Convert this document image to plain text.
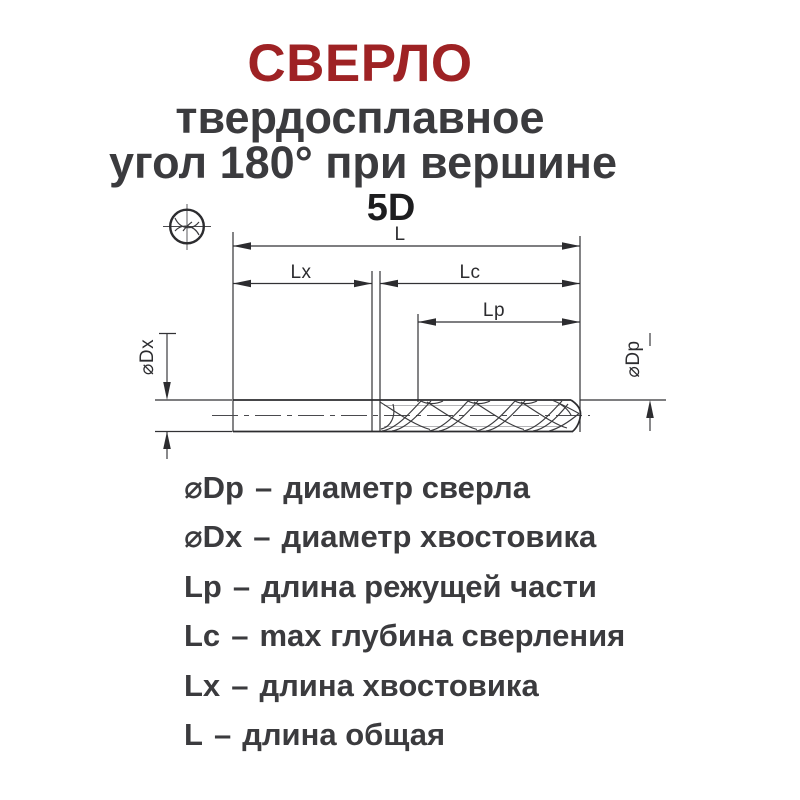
СВЕРЛО
твердосплавное
угол 180° при вершине
5D
L
Lx	Lc
Lp
⌀Dx	⌀Dp
⌀Dp – диаметр сверла
⌀Dx – диаметр хвостовика
Lp – длина режущей части
Lc – max глубина сверления
Lx – длина хвостовика
L – длина общая
